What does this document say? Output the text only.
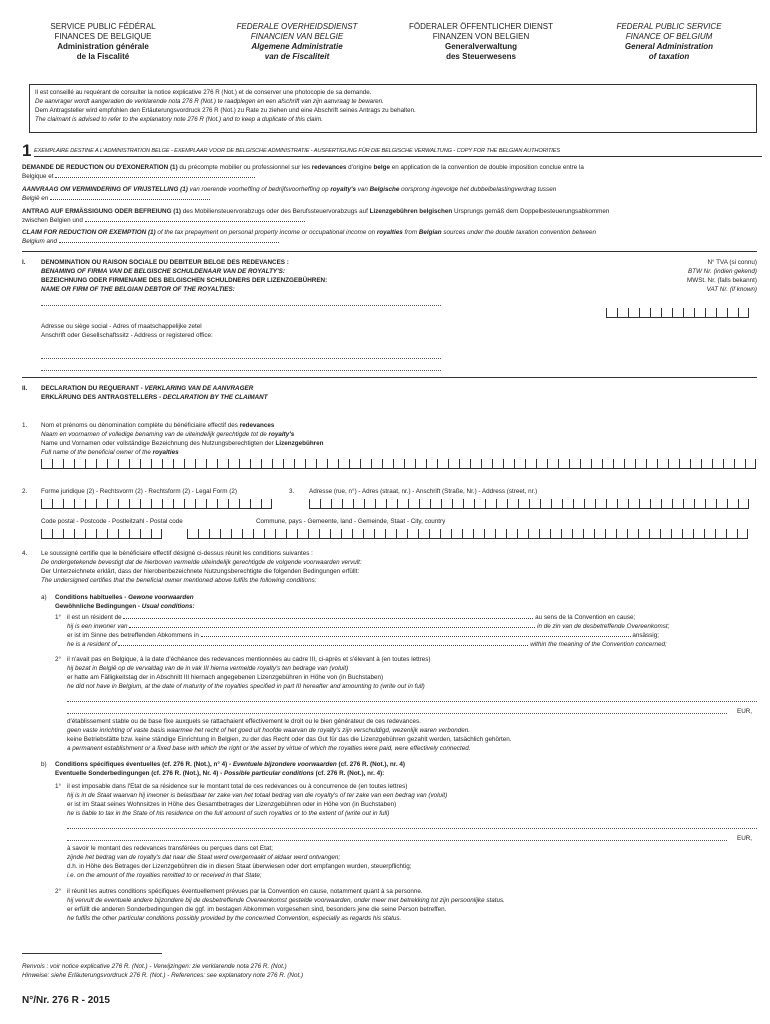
SERVICE PUBLIC FÉDÉRAL
FINANCES DE BELGIQUE
Administration générale
de la Fiscalité
FEDERALE OVERHEIDSDIENST
FINANCIEN VAN BELGIE
Algemene Administratie
van de Fiscaliteit
FÖDERALER ÖFFENTLICHER DIENST
FINANZEN VON BELGIEN
Generalverwaltung
des Steuerwesens
FEDERAL PUBLIC SERVICE
FINANCE OF BELGIUM
General Administration
of taxation
Il est conseillé au requérant de consulter la notice explicative 276 R (Not.) et de conserver une photocopie de sa demande.
De aanvrager wordt aangeraden de verklarende nota 276 R (Not.) te raadplegen en een afschrift van zijn aanvraag te bewaren.
Dem Antragsteller wird empfohlen den Erläuterungsvordruck 276 R (Not.) zu Rate zu ziehen und eine Abschrift seines Antrags zu behalten.
The claimant is advised to refer to the explanatory note 276 R (Not.) and to keep a duplicate of this claim.
1 EXEMPLAIRE DESTINE A L'ADMINISTRATION BELGE - EXEMPLAAR VOOR DE BELGISCHE ADMINISTRATIE - AUSFERTIGUNG FÜR DIE BELGISCHE VERWALTUNG - COPY FOR THE BELGIAN AUTHORITIES
DEMANDE DE REDUCTION OU D'EXONERATION (1) du précompte mobilier ou professionnel sur les redevances d'origine belge en application de la convention de double imposition conclue entre la
Belgique et
AANVRAAG OM VERMINDERING OF VRIJSTELLING (1) van roerende voorheffing of bedrijfsvoorheffing op royalty's van Belgische oorsprong ingevolge het dubbelbelastingverdrag tussen
België en
ANTRAG AUF ERMÄSSIGUNG ODER BEFREIUNG (1) des Mobiliensteuervorabzugs oder des Berufssteuervorabzugs auf Lizenzgebühren belgischen Ursprungs gemäß dem Doppelbesteuerungsabkommen
zwischen Belgien und
CLAIM FOR REDUCTION OR EXEMPTION (1) of the tax prepayment on personal property income or occupational income on royalties from Belgian sources under the double taxation convention between
Belgium and
I. DENOMINATION OU RAISON SOCIALE DU DEBITEUR BELGE DES REDEVANCES :
BENAMING OF FIRMA VAN DE BELGISCHE SCHULDENAAR VAN DE ROYALTY'S:
BEZEICHNUNG ODER FIRMENAME DES BELGISCHEN SCHULDNERS DER LIZENZGEBÜHREN:
NAME OR FIRM OF THE BELGIAN DEBTOR OF THE ROYALTIES:
N° TVA (si connu)
BTW Nr. (indien gekend)
MWSt. Nr. (falls bekannt)
VAT Nr. (if known)
Adresse ou siège social - Adres of maatschappelijke zetel
Anschrift oder Gesellschaftssitz - Address or registered office:
II. DECLARATION DU REQUERANT - VERKLARING VAN DE AANVRAGER
ERKLÄRUNG DES ANTRAGSTELLERS - DECLARATION BY THE CLAIMANT
1. Nom et prénoms ou dénomination complète du bénéficiaire effectif des redevances
Naam en voornamen of volledige benaming van de uiteindelijk gerechtigde tot de royalty's
Name und Vornamen oder vollständige Bezeichnung des Nutzungsberechtigten der Lizenzgebühren
Full name of the beneficial owner of the royalties
2. Forme juridique (2) - Rechtsvorm (2) - Rechtsform (2) - Legal Form (2)	3. Adresse (rue, n°) - Adres (straat, nr.) - Anschrift (Straße, Nr.) - Address (street, nr.)
Code postal - Postcode - Postleitzahl - Postal code	Commune, pays - Gemeente, land - Gemeinde, Staat - City, country
4. Le soussigné certifie que le bénéficiaire effectif désigné ci-dessus réunit les conditions suivantes :
De ondergetekende bevestigt dat de hierboven vermelde uiteindelijk gerechtigde de volgende voorwaarden vervult:
Der Unterzeichnete erklärt, dass der hierobenbezeichnete Nutzungsberechtigte die folgenden Bedingungen erfüllt:
The undersigned certifies that the beneficial owner mentioned above fulfils the following conditions:
a) Conditions habituelles - Gewone voorwaarden
Gewöhnliche Bedingungen - Usual conditions:
1° il est un résident de	au sens de la Convention en cause;
hij is een inwoner van	in de zin van de desbetreffende Overeenkomst;
er ist im Sinne des betreffenden Abkommens in	ansässig;
he is a resident of	within the meaning of the Convention concerned;
2° il n'avait pas en Belgique, à la date d'échéance des redevances mentionnées au cadre III, ci-après et s'élevant à (en toutes lettres)
hij bezat in België op de vervaldag van de in vak III hierna vermelde royalty's ten bedrage van (voluit)
er hatte am Fälligkeitstag der in Abschnitt III hiernach angegebenen Lizenzgebühren in Höhe von (in Buchstaben)
he did not have in Belgium, at the date of maturity of the royalties specified in part III hereafter and amounting to (write out in full)
EUR,
d'établissement stable ou de base fixe auxquels se rattachaient effectivement le droit ou le bien générateur de ces redevances.
geen vaste inrichting of vaste basis waarmee het recht of het goed uit hoofde waarvan de royalty's zijn verschuldigd, wezenlijk waren verbonden.
keine Betriebstätte bzw. keine ständige Einrichtung in Belgien, zu der das Recht oder das Gut für das die Lizenzgebühren gezahlt werden, tatsächlich gehörten.
a permanent establishment or a fixed base with which the right or the asset by virtue of which the royalties were paid, were effectively connected.
b) Conditions spécifiques éventuelles (cf. 276 R. (Not.), n° 4) - Eventuele bijzondere voorwaarden (cf. 276 R. (Not.), nr. 4)
Eventuelle Sonderbedingungen (cf. 276 R. (Not.), Nr. 4) - Possible particular conditions (cf. 276 R. (Not.), nr. 4):
1° il est imposable dans l'Etat de sa résidence sur le montant total de ces redevances ou à concurrence de (en toutes lettres)
hij is in de Staat waarvan hij inwoner is belastbaar ter zake van het totaal bedrag van die royalty's of ter zake van een bedrag van (voluit)
er ist im Staat seines Wohnsitzes in Höhe des Gesamtbetrages der Lizenzgebühren oder in Höhe von (in Buchstaben)
he is liable to tax in the State of his residence on the full amount of such royalties or to the extent of (write out in full)
EUR,
à savoir le montant des redevances transférées ou perçues dans cet Etat;
zijnde het bedrag van de royalty's dat naar die Staat werd overgemaakt of aldaar werd ontvangen;
d.h. in Höhe des Betrages der Lizenzgebühren die in diesen Staat überwiesen oder dort empfangen wurden, steuerpflichtig;
i.e. on the amount of the royalties remitted to or received in that State;
2° il réunit les autres conditions spécifiques éventuellement prévues par la Convention en cause, notamment quant à sa personne.
hij vervult de eventuele andere bijzondere bij de desbetreffende Overeenkomst gestelde voorwaarden, onder meer met betrekking tot zijn persoonlijke status.
er erfüllt die anderen Sonderbedingungen die ggf. im bestagen Abkommen vorgesehen sind, besonders jene die seine Person betreffen.
he fulfils the other particular conditions possibly provided by the concerned Convention, especially as regards his status.
Renvois : voir notice explicative 276 R. (Not.) - Verwijzingen: zie verklarende nota 276 R. (Not.)
Hinweise: siehe Erläuterungsvordruck 276 R. (Not.) - References: see explanatory note 276 R. (Not.)
N°/Nr. 276 R - 2015
